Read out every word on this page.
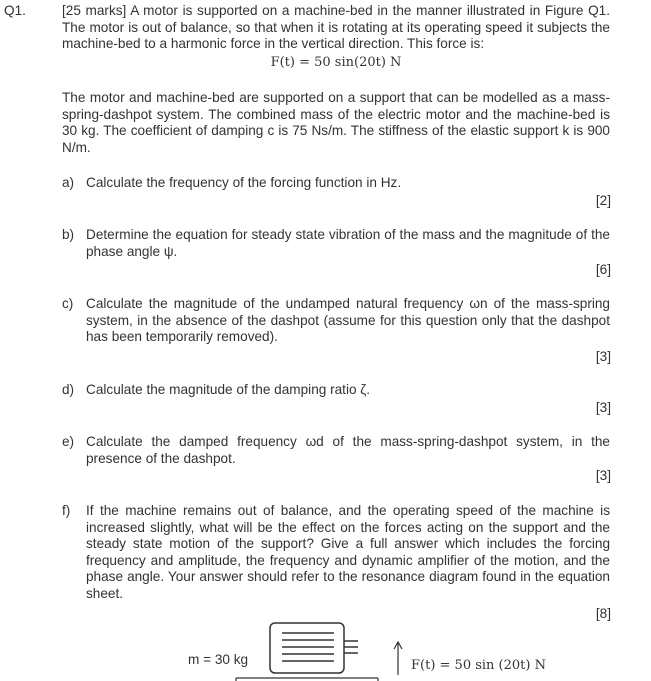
Q1.	[25 marks] A motor is supported on a machine-bed in the manner illustrated in Figure Q1. The motor is out of balance, so that when it is rotating at its operating speed it subjects the machine-bed to a harmonic force in the vertical direction. This force is:
F(t) = 50 sin(20t) N
The motor and machine-bed are supported on a support that can be modelled as a mass-spring-dashpot system. The combined mass of the electric motor and the machine-bed is 30 kg. The coefficient of damping c is 75 Ns/m. The stiffness of the elastic support k is 900 N/m.
a) Calculate the frequency of the forcing function in Hz.
[2]
b) Determine the equation for steady state vibration of the mass and the magnitude of the phase angle ψ.
[6]
c) Calculate the magnitude of the undamped natural frequency ωn of the mass-spring system, in the absence of the dashpot (assume for this question only that the dashpot has been temporarily removed).
[3]
d) Calculate the magnitude of the damping ratio ζ.
[3]
e) Calculate the damped frequency ωd of the mass-spring-dashpot system, in the presence of the dashpot.
[3]
f) If the machine remains out of balance, and the operating speed of the machine is increased slightly, what will be the effect on the forces acting on the support and the steady state motion of the support? Give a full answer which includes the forcing frequency and amplitude, the frequency and dynamic amplifier of the motion, and the phase angle. Your answer should refer to the resonance diagram found in the equation sheet.
[8]
m = 30 kg	F(t) = 50 sin (20t) N
